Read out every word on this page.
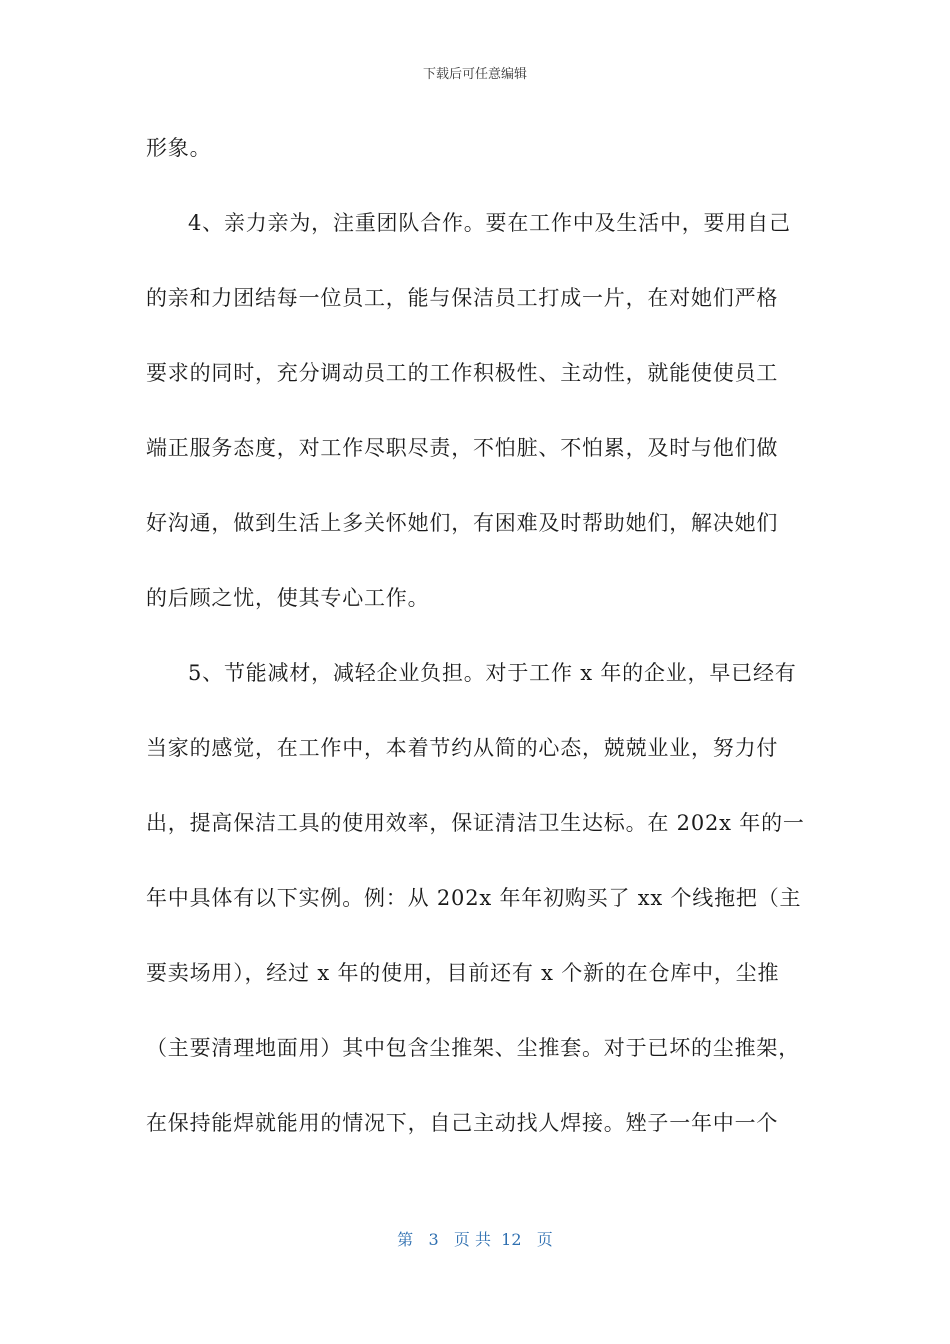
下载后可任意编辑
形象。
4、亲力亲为，注重团队合作。要在工作中及生活中，要用自己
的亲和力团结每一位员工，能与保洁员工打成一片，在对她们严格
要求的同时，充分调动员工的工作积极性、主动性，就能使使员工
端正服务态度，对工作尽职尽责，不怕脏、不怕累，及时与他们做
好沟通，做到生活上多关怀她们，有困难及时帮助她们，解决她们
的后顾之忧，使其专心工作。
5、节能减材，减轻企业负担。对于工作 x 年的企业，早已经有
当家的感觉，在工作中，本着节约从简的心态，兢兢业业，努力付
出，提高保洁工具的使用效率，保证清洁卫生达标。在 202x 年的一
年中具体有以下实例。例：从 202x 年年初购买了 xx 个线拖把（主
要卖场用），经过 x 年的使用，目前还有 x 个新的在仓库中，尘推
（主要清理地面用）其中包含尘推架、尘推套。对于已坏的尘推架，
在保持能焊就能用的情况下，自己主动找人焊接。矬子一年中一个
第 3 页 共 12 页
